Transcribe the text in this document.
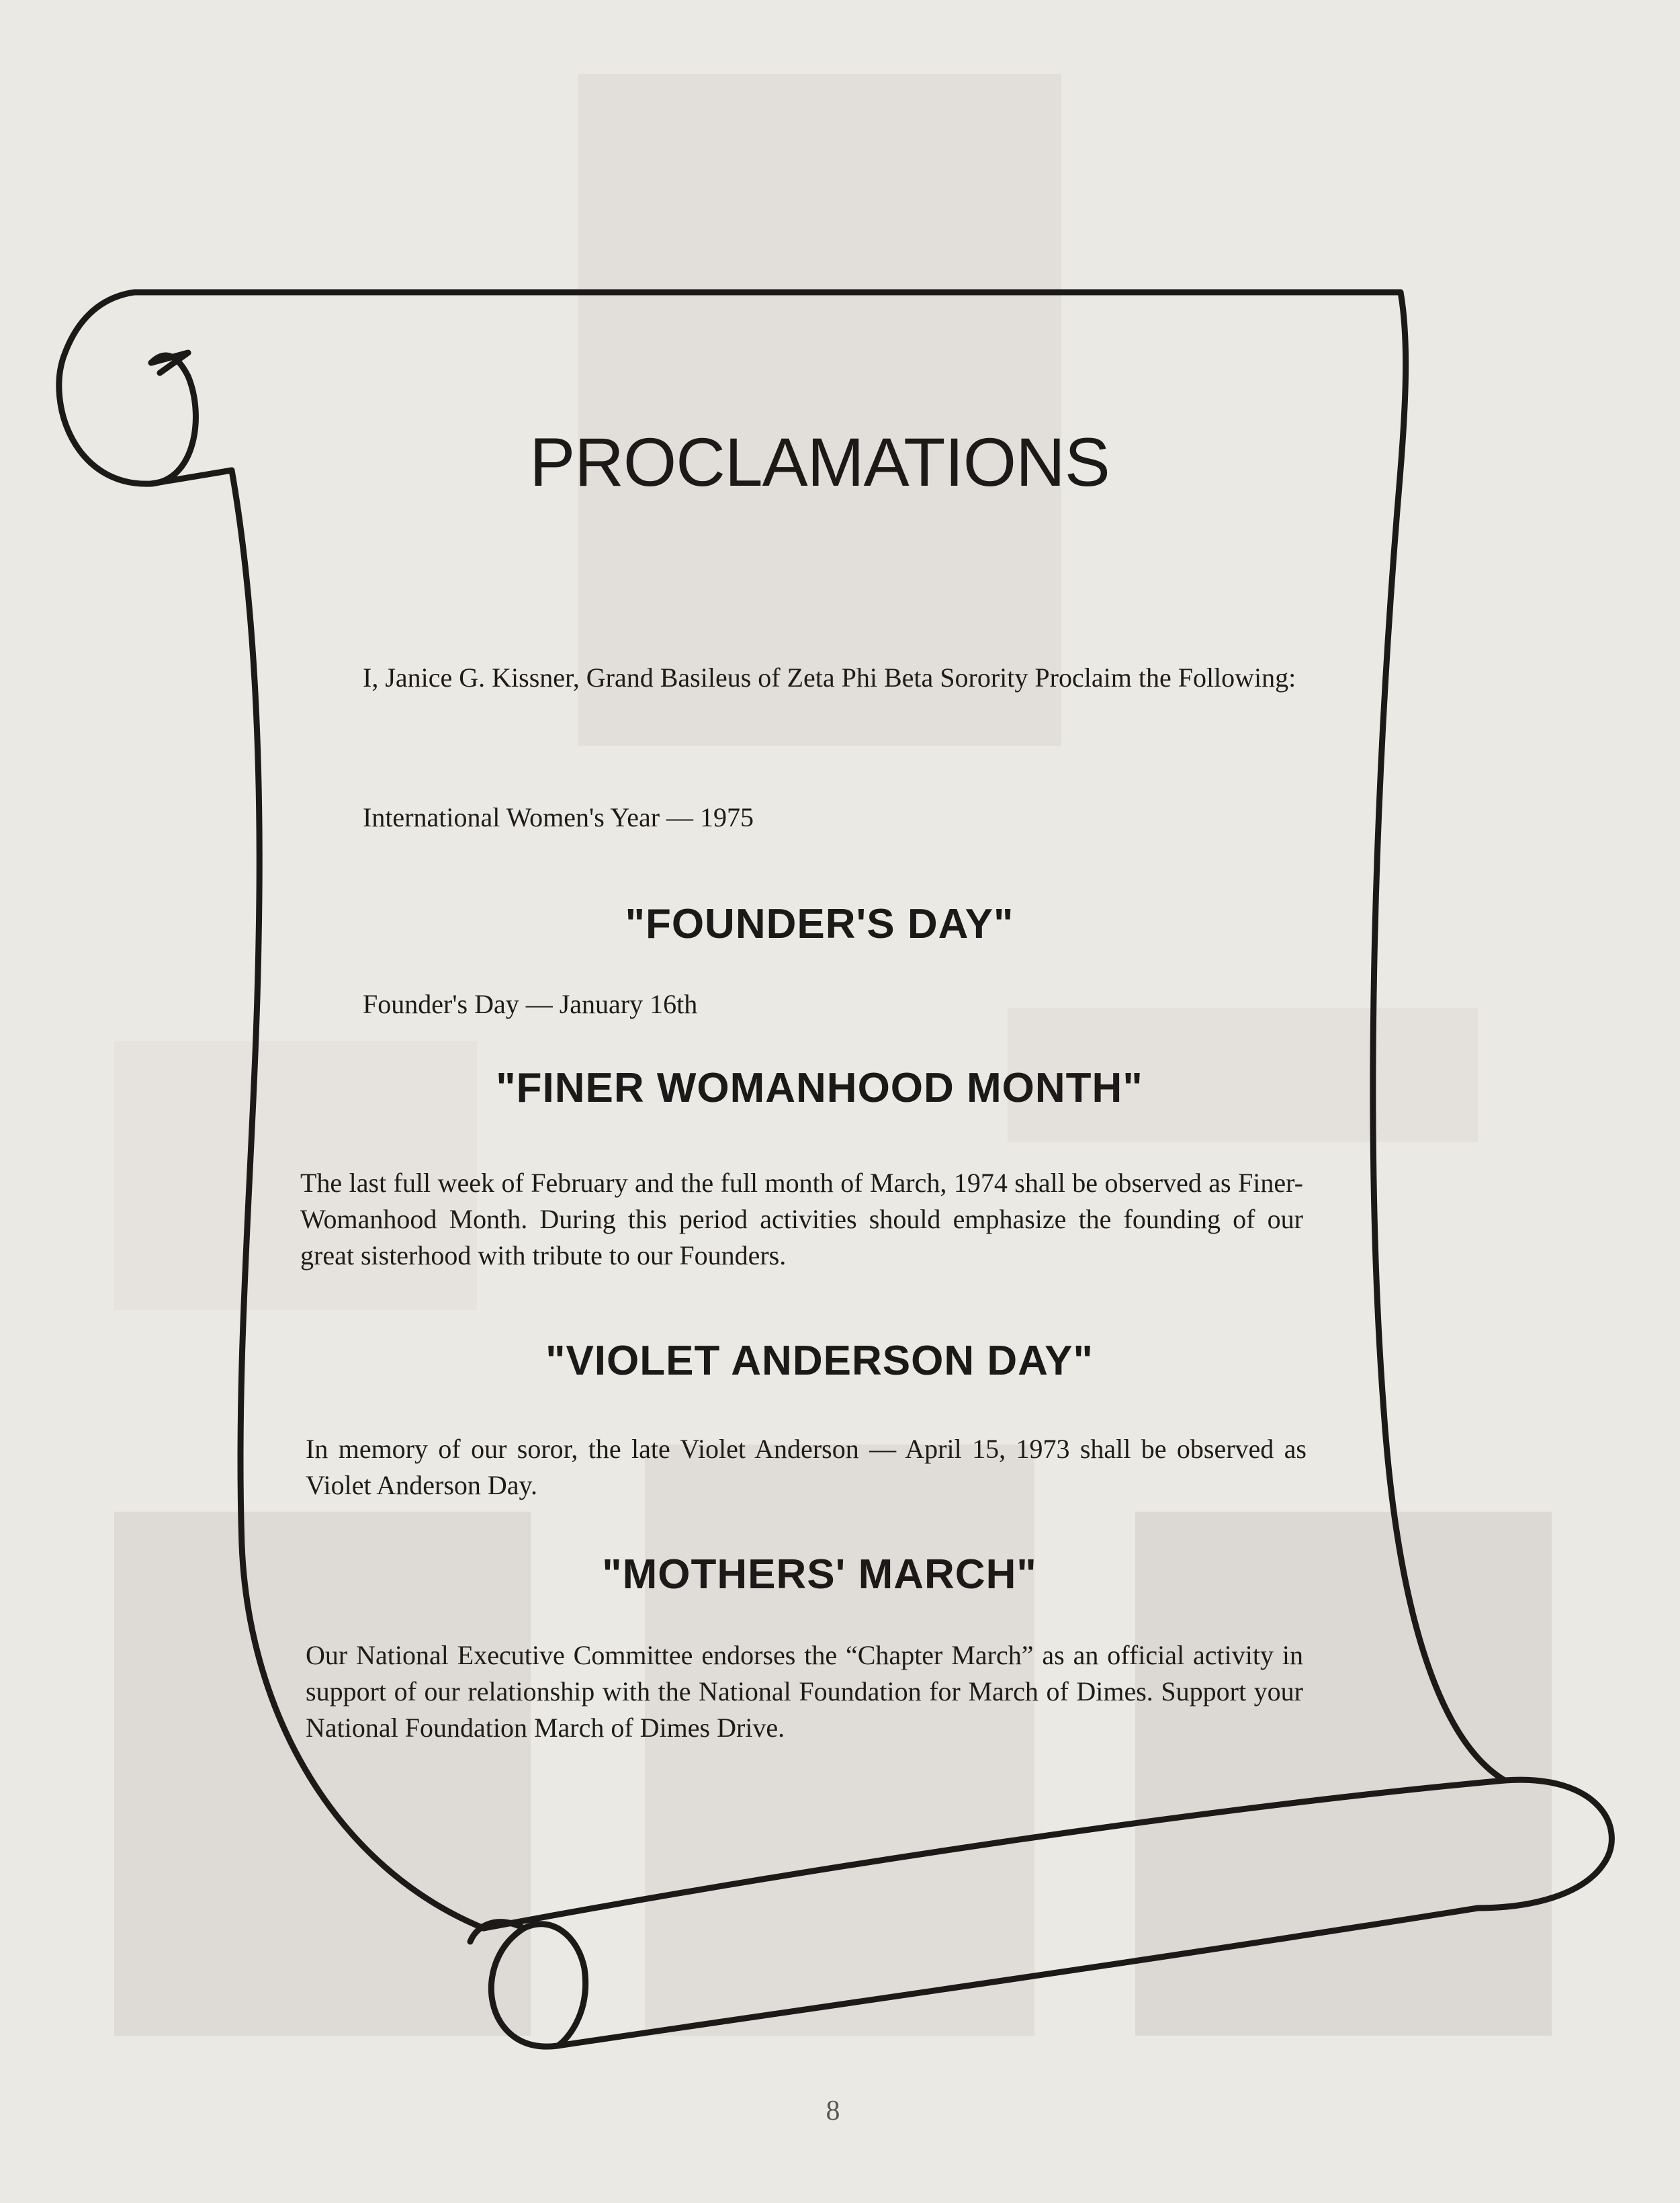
PROCLAMATIONS
I, Janice G. Kissner, Grand Basileus of Zeta Phi Beta Sorority Proclaim the Following:
International Women's Year — 1975
"FOUNDER'S DAY"
Founder's Day — January 16th
"FINER WOMANHOOD MONTH"
The last full week of February and the full month of March, 1974 shall be observed as Finer-Womanhood Month. During this period activities should emphasize the founding of our great sisterhood with tribute to our Founders.
"VIOLET ANDERSON DAY"
In memory of our soror, the late Violet Anderson — April 15, 1973 shall be observed as Violet Anderson Day.
"MOTHERS' MARCH"
Our National Executive Committee endorses the “Chapter March” as an official activity in support of our relationship with the National Foundation for March of Dimes. Support your National Foundation March of Dimes Drive.
8
